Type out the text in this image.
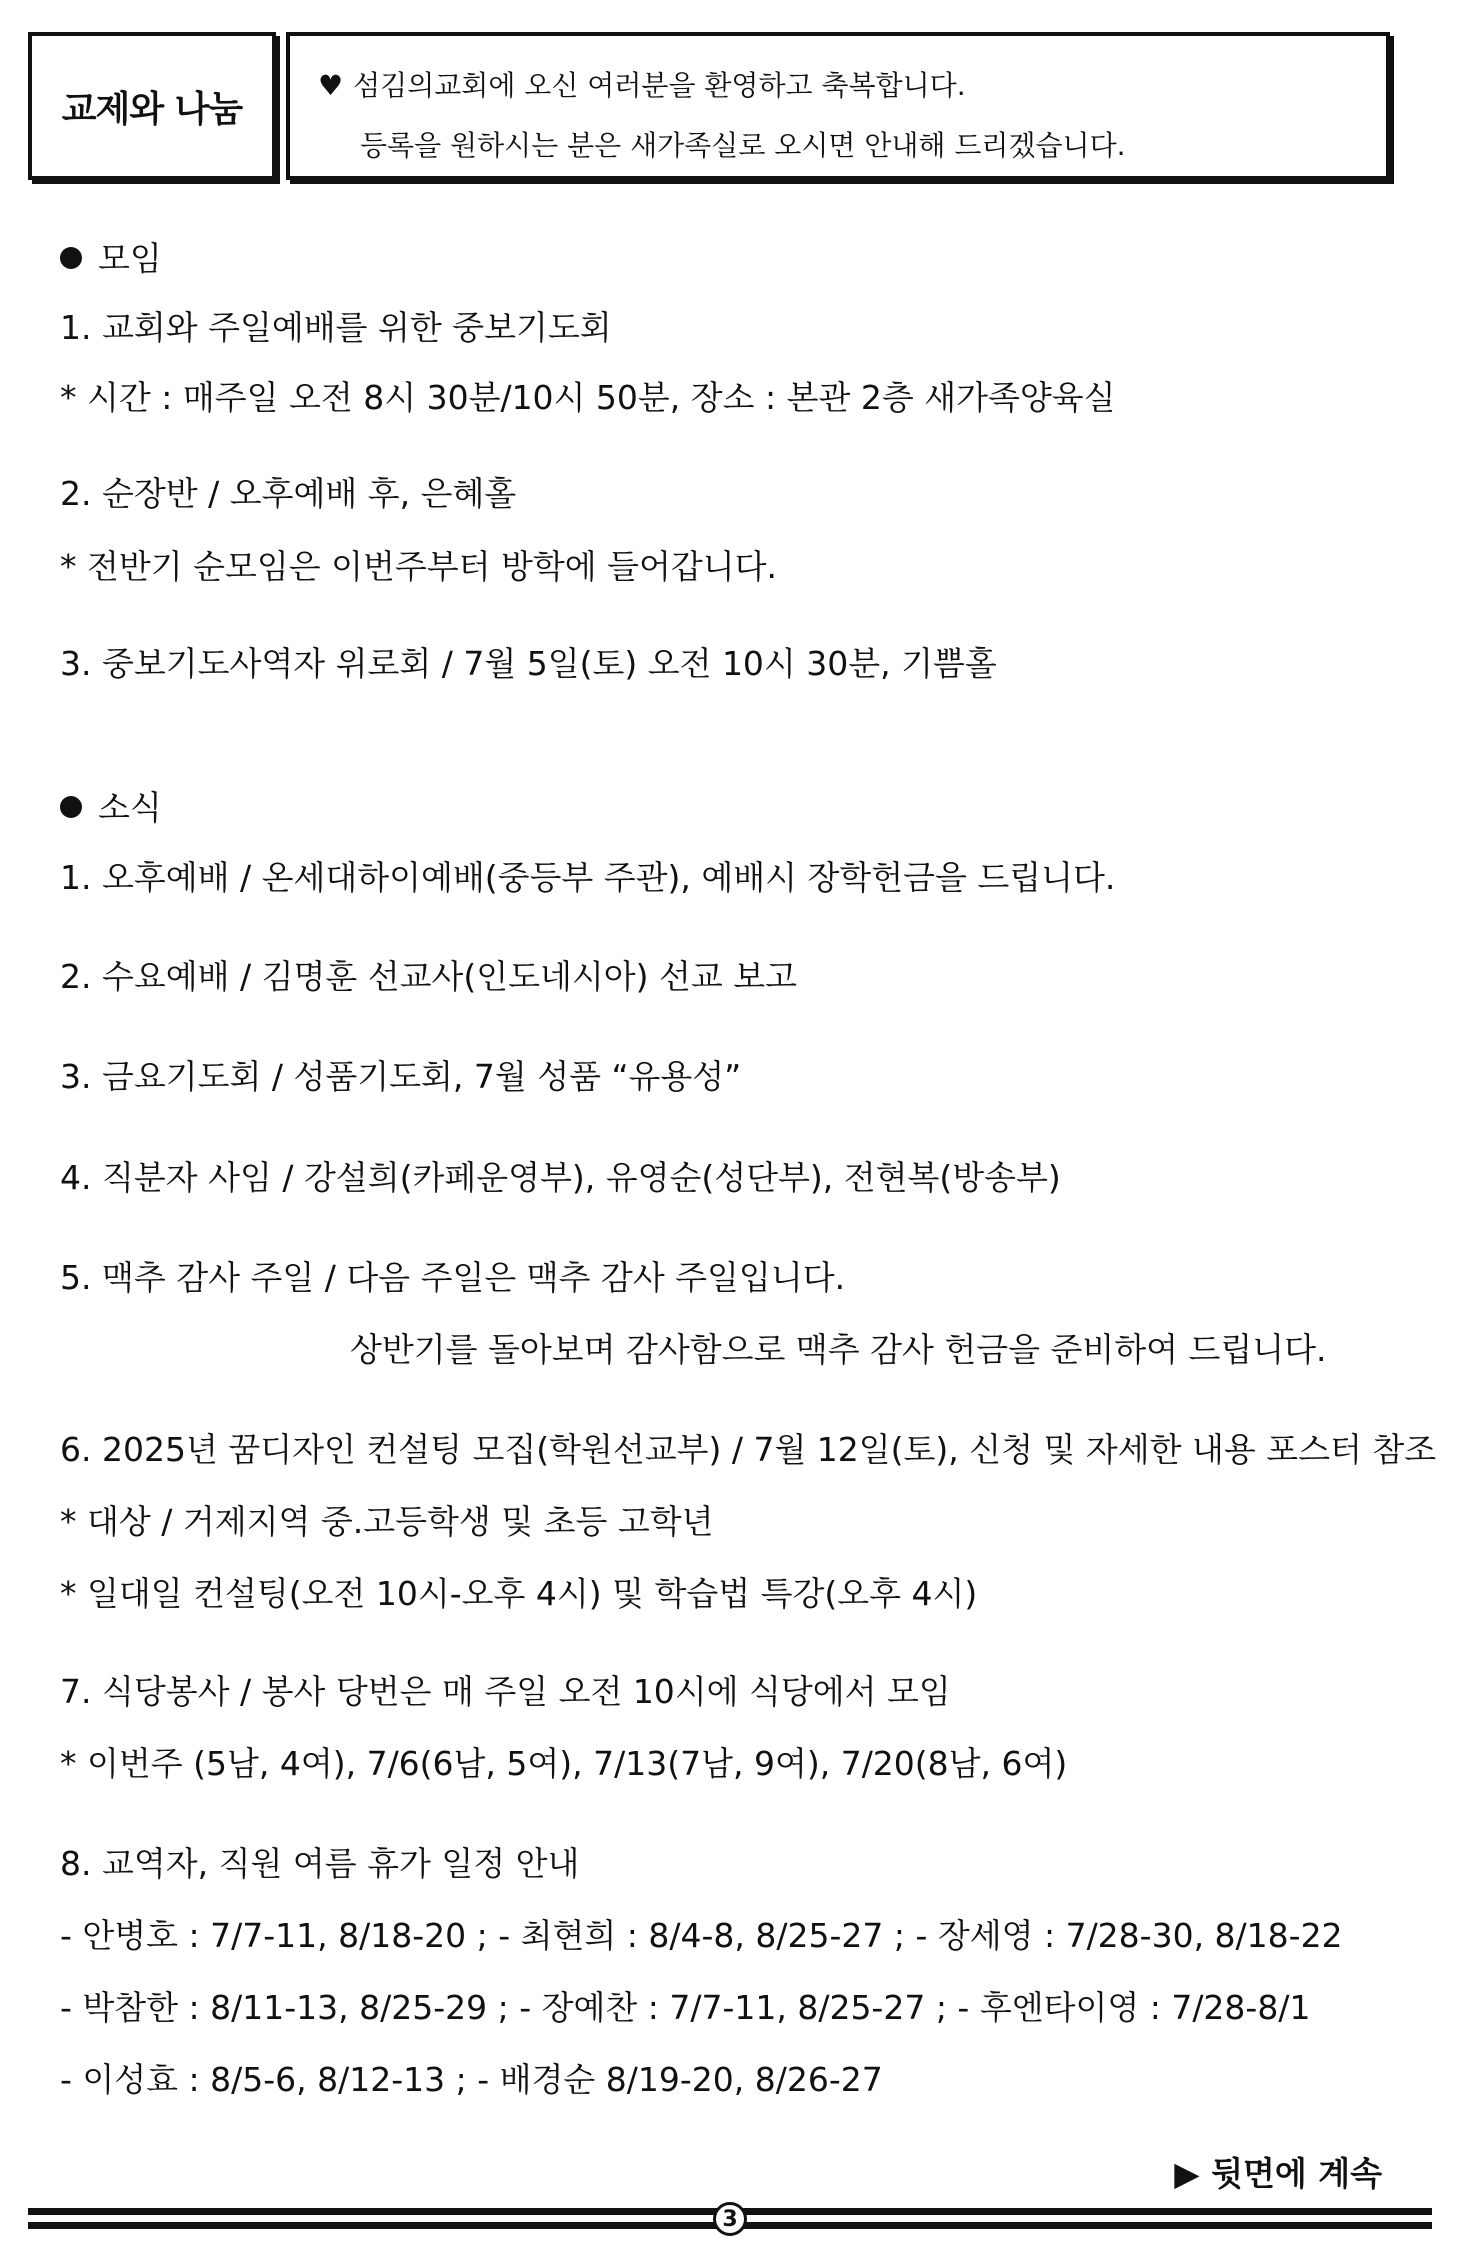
교제와 나눔
♥ 섬김의교회에 오신 여러분을 환영하고 축복합니다.
등록을 원하시는 분은 새가족실로 오시면 안내해 드리겠습니다.
모임
1. 교회와 주일예배를 위한 중보기도회
* 시간 : 매주일 오전 8시 30분/10시 50분, 장소 : 본관 2층 새가족양육실
2. 순장반 / 오후예배 후, 은혜홀
* 전반기 순모임은 이번주부터 방학에 들어갑니다.
3. 중보기도사역자 위로회 / 7월 5일(토) 오전 10시 30분, 기쁨홀
소식
1. 오후예배 / 온세대하이예배(중등부 주관), 예배시 장학헌금을 드립니다.
2. 수요예배 / 김명훈 선교사(인도네시아) 선교 보고
3. 금요기도회 / 성품기도회, 7월 성품 “유용성”
4. 직분자 사임 / 강설희(카페운영부), 유영순(성단부), 전현복(방송부)
5. 맥추 감사 주일 / 다음 주일은 맥추 감사 주일입니다.
상반기를 돌아보며 감사함으로 맥추 감사 헌금을 준비하여 드립니다.
6. 2025년 꿈디자인 컨설팅 모집(학원선교부) / 7월 12일(토), 신청 및 자세한 내용 포스터 참조
* 대상 / 거제지역 중.고등학생 및 초등 고학년
* 일대일 컨설팅(오전 10시-오후 4시) 및 학습법 특강(오후 4시)
7. 식당봉사 / 봉사 당번은 매 주일 오전 10시에 식당에서 모임
* 이번주 (5남, 4여), 7/6(6남, 5여), 7/13(7남, 9여), 7/20(8남, 6여)
8. 교역자, 직원 여름 휴가 일정 안내
- 안병호 : 7/7-11, 8/18-20 ; - 최현희 : 8/4-8, 8/25-27 ; - 장세영 : 7/28-30, 8/18-22
- 박참한 : 8/11-13, 8/25-29 ; - 장예찬 : 7/7-11, 8/25-27 ; - 후엔타이영 : 7/28-8/1
- 이성효 : 8/5-6, 8/12-13 ; - 배경순 8/19-20, 8/26-27
▶ 뒷면에 계속
3
